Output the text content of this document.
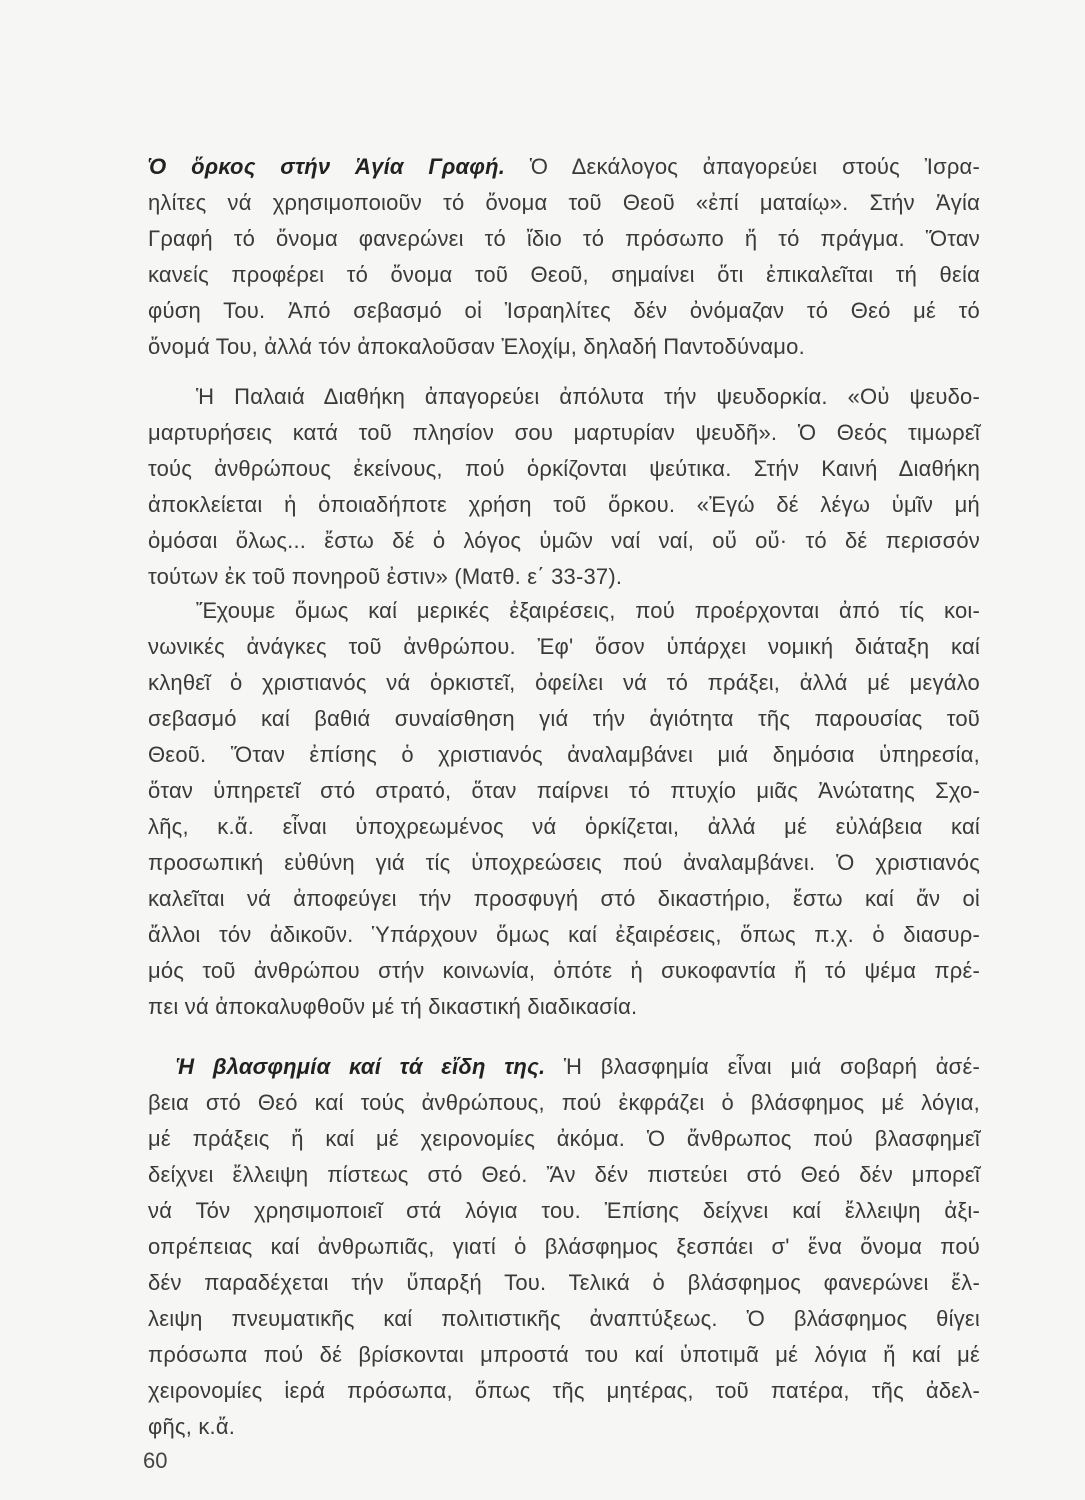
Ὁ ὅρκος στήν Ἁγία Γραφή. Ὁ Δεκάλογος ἀπαγορεύει στούς Ἰσρα-
ηλίτες νά χρησιμοποιοῦν τό ὄνομα τοῦ Θεοῦ «ἐπί ματαίῳ». Στήν Ἁγία
Γραφή τό ὄνομα φανερώνει τό ἴδιο τό πρόσωπο ἤ τό πράγμα. Ὅταν
κανείς προφέρει τό ὄνομα τοῦ Θεοῦ, σημαίνει ὅτι ἐπικαλεῖται τή θεία
φύση Του. Ἀπό σεβασμό οἱ Ἰσραηλίτες δέν ὀνόμαζαν τό Θεό μέ τό
ὄνομά Του, ἀλλά τόν ἀποκαλοῦσαν Ἐλοχίμ, δηλαδή Παντοδύναμο.
Ἡ Παλαιά Διαθήκη ἀπαγορεύει ἀπόλυτα τήν ψευδορκία. «Οὐ ψευδο-
μαρτυρήσεις κατά τοῦ πλησίον σου μαρτυρίαν ψευδῆ». Ὁ Θεός τιμωρεῖ
τούς ἀνθρώπους ἐκείνους, πού ὁρκίζονται ψεύτικα. Στήν Καινή Διαθήκη
ἀποκλείεται ἡ ὁποιαδήποτε χρήση τοῦ ὅρκου. «Ἐγώ δέ λέγω ὑμῖν μή
ὀμόσαι ὅλως... ἔστω δέ ὁ λόγος ὑμῶν ναί ναί, οὔ οὔ· τό δέ περισσόν
τούτων ἐκ τοῦ πονηροῦ ἐστιν» (Ματθ. ε΄ 33-37).
Ἔχουμε ὅμως καί μερικές ἐξαιρέσεις, πού προέρχονται ἀπό τίς κοι-
νωνικές ἀνάγκες τοῦ ἀνθρώπου. Ἐφ' ὅσον ὑπάρχει νομική διάταξη καί
κληθεῖ ὁ χριστιανός νά ὁρκιστεῖ, ὀφείλει νά τό πράξει, ἀλλά μέ μεγάλο
σεβασμό καί βαθιά συναίσθηση γιά τήν ἁγιότητα τῆς παρουσίας τοῦ
Θεοῦ. Ὅταν ἐπίσης ὁ χριστιανός ἀναλαμβάνει μιά δημόσια ὑπηρεσία,
ὅταν ὑπηρετεῖ στό στρατό, ὅταν παίρνει τό πτυχίο μιᾶς Ἀνώτατης Σχο-
λῆς, κ.ἄ. εἶναι ὑποχρεωμένος νά ὁρκίζεται, ἀλλά μέ εὐλάβεια καί
προσωπική εὐθύνη γιά τίς ὑποχρεώσεις πού ἀναλαμβάνει. Ὁ χριστιανός
καλεῖται νά ἀποφεύγει τήν προσφυγή στό δικαστήριο, ἔστω καί ἄν οἱ
ἄλλοι τόν ἀδικοῦν. Ὑπάρχουν ὅμως καί ἐξαιρέσεις, ὅπως π.χ. ὁ διασυρ-
μός τοῦ ἀνθρώπου στήν κοινωνία, ὁπότε ἡ συκοφαντία ἤ τό ψέμα πρέ-
πει νά ἀποκαλυφθοῦν μέ τή δικαστική διαδικασία.
Ἡ βλασφημία καί τά εἴδη της. Ἡ βλασφημία εἶναι μιά σοβαρή ἀσέ-
βεια στό Θεό καί τούς ἀνθρώπους, πού ἐκφράζει ὁ βλάσφημος μέ λόγια,
μέ πράξεις ἤ καί μέ χειρονομίες ἀκόμα. Ὁ ἄνθρωπος πού βλασφημεῖ
δείχνει ἔλλειψη πίστεως στό Θεό. Ἄν δέν πιστεύει στό Θεό δέν μπορεῖ
νά Τόν χρησιμοποιεῖ στά λόγια του. Ἐπίσης δείχνει καί ἔλλειψη ἀξι-
οπρέπειας καί ἀνθρωπιᾶς, γιατί ὁ βλάσφημος ξεσπάει σ' ἕνα ὄνομα πού
δέν παραδέχεται τήν ὕπαρξή Του. Τελικά ὁ βλάσφημος φανερώνει ἔλ-
λειψη πνευματικῆς καί πολιτιστικῆς ἀναπτύξεως. Ὁ βλάσφημος θίγει
πρόσωπα πού δέ βρίσκονται μπροστά του καί ὑποτιμᾶ μέ λόγια ἤ καί μέ
χειρονομίες ἱερά πρόσωπα, ὅπως τῆς μητέρας, τοῦ πατέρα, τῆς ἀδελ-
φῆς, κ.ἄ.
60
